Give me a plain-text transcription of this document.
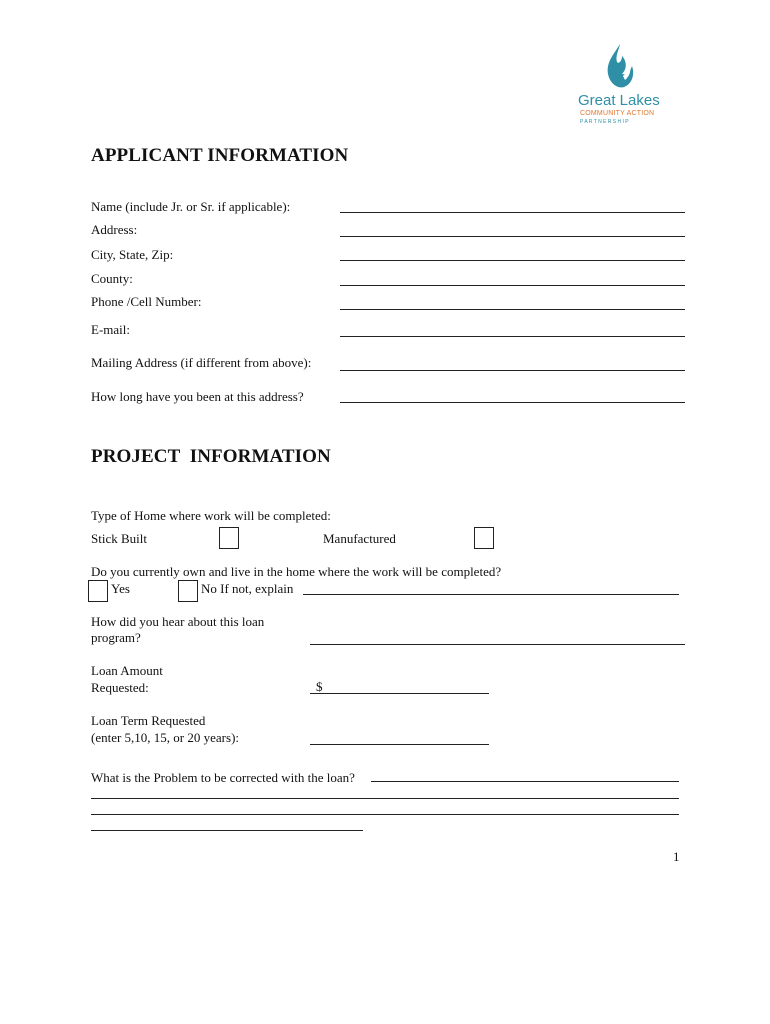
Great Lakes
COMMUNITY ACTION
P A R T N E R S H I P
APPLICANT INFORMATION
Name (include Jr. or Sr. if applicable):
Address:
City, State, Zip:
County:
Phone /Cell Number:
E-mail:
Mailing Address (if different from above):
How long have you been at this address?
PROJECT  INFORMATION
Type of Home where work will be completed:
Stick Built	Manufactured
Do you currently own and live in the home where the work will be completed?
Yes	No If not, explain
How did you hear about this loan
program?
Loan Amount
Requested:	$
Loan Term Requested
(enter 5,10, 15, or 20 years):
What is the Problem to be corrected with the loan?
1
